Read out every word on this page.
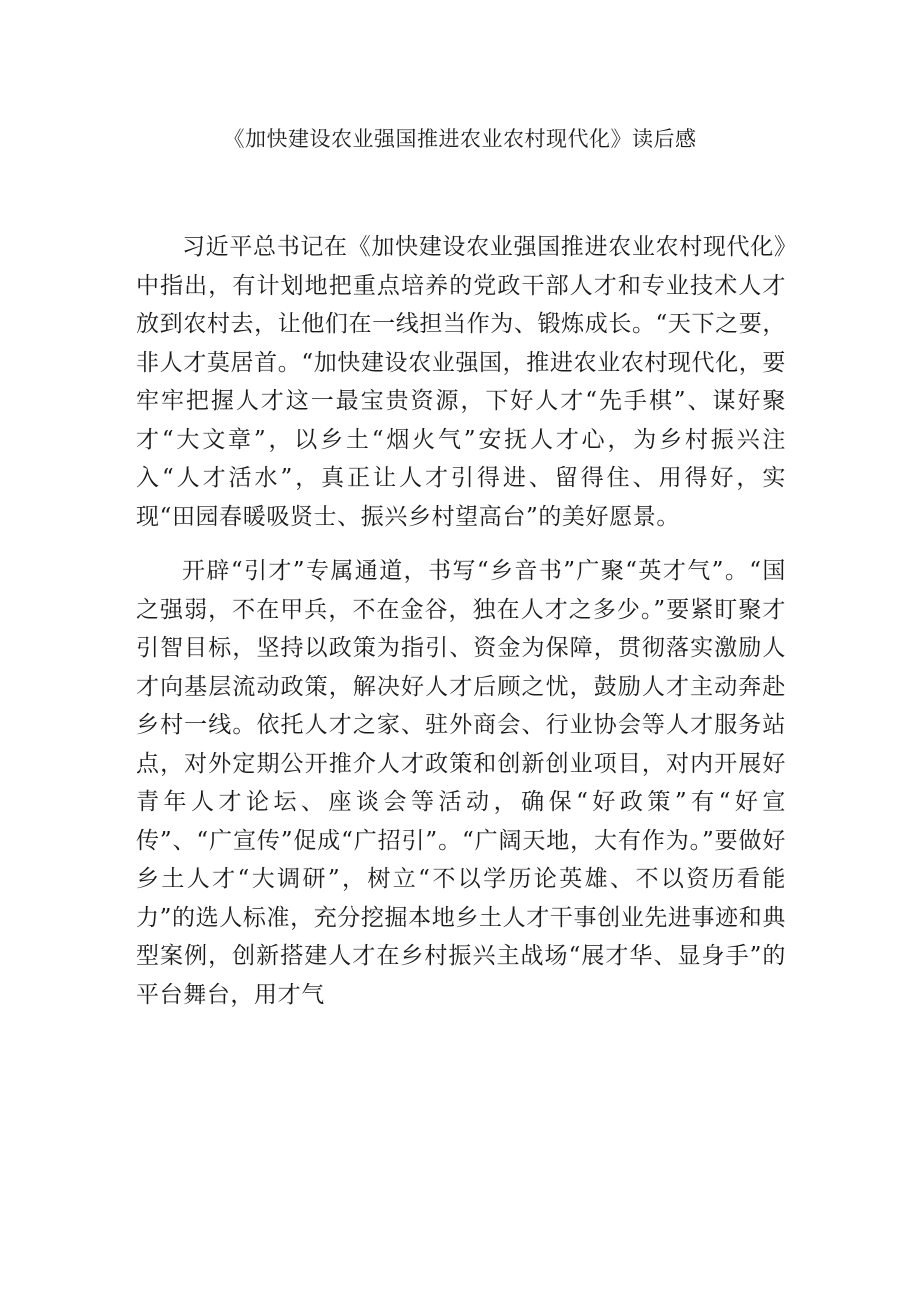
《加快建设农业强国推进农业农村现代化》读后感

习近平总书记在《加快建设农业强国推进农业农村现代化》中指出，有计划地把重点培养的党政干部人才和专业技术人才放到农村去，让他们在一线担当作为、锻炼成长。“天下之要，非人才莫居首。“加快建设农业强国，推进农业农村现代化，要牢牢把握人才这一最宝贵资源，下好人才“先手棋”、谋好聚才“大文章”，以乡土“烟火气”安抚人才心，为乡村振兴注入“人才活水”，真正让人才引得进、留得住、用得好，实现“田园春暖吸贤士、振兴乡村望高台”的美好愿景。

开辟“引才”专属通道，书写“乡音书”广聚“英才气”。“国之强弱，不在甲兵，不在金谷，独在人才之多少。”要紧盯聚才引智目标，坚持以政策为指引、资金为保障，贯彻落实激励人才向基层流动政策，解决好人才后顾之忧，鼓励人才主动奔赴乡村一线。依托人才之家、驻外商会、行业协会等人才服务站点，对外定期公开推介人才政策和创新创业项目，对内开展好青年人才论坛、座谈会等活动，确保“好政策”有“好宣传”、“广宣传”促成“广招引”。“广阔天地，大有作为。”要做好乡土人才“大调研”，树立“不以学历论英雄、不以资历看能力”的选人标准，充分挖掘本地乡土人才干事创业先进事迹和典型案例，创新搭建人才在乡村振兴主战场“展才华、显身手”的平台舞台，用才气
